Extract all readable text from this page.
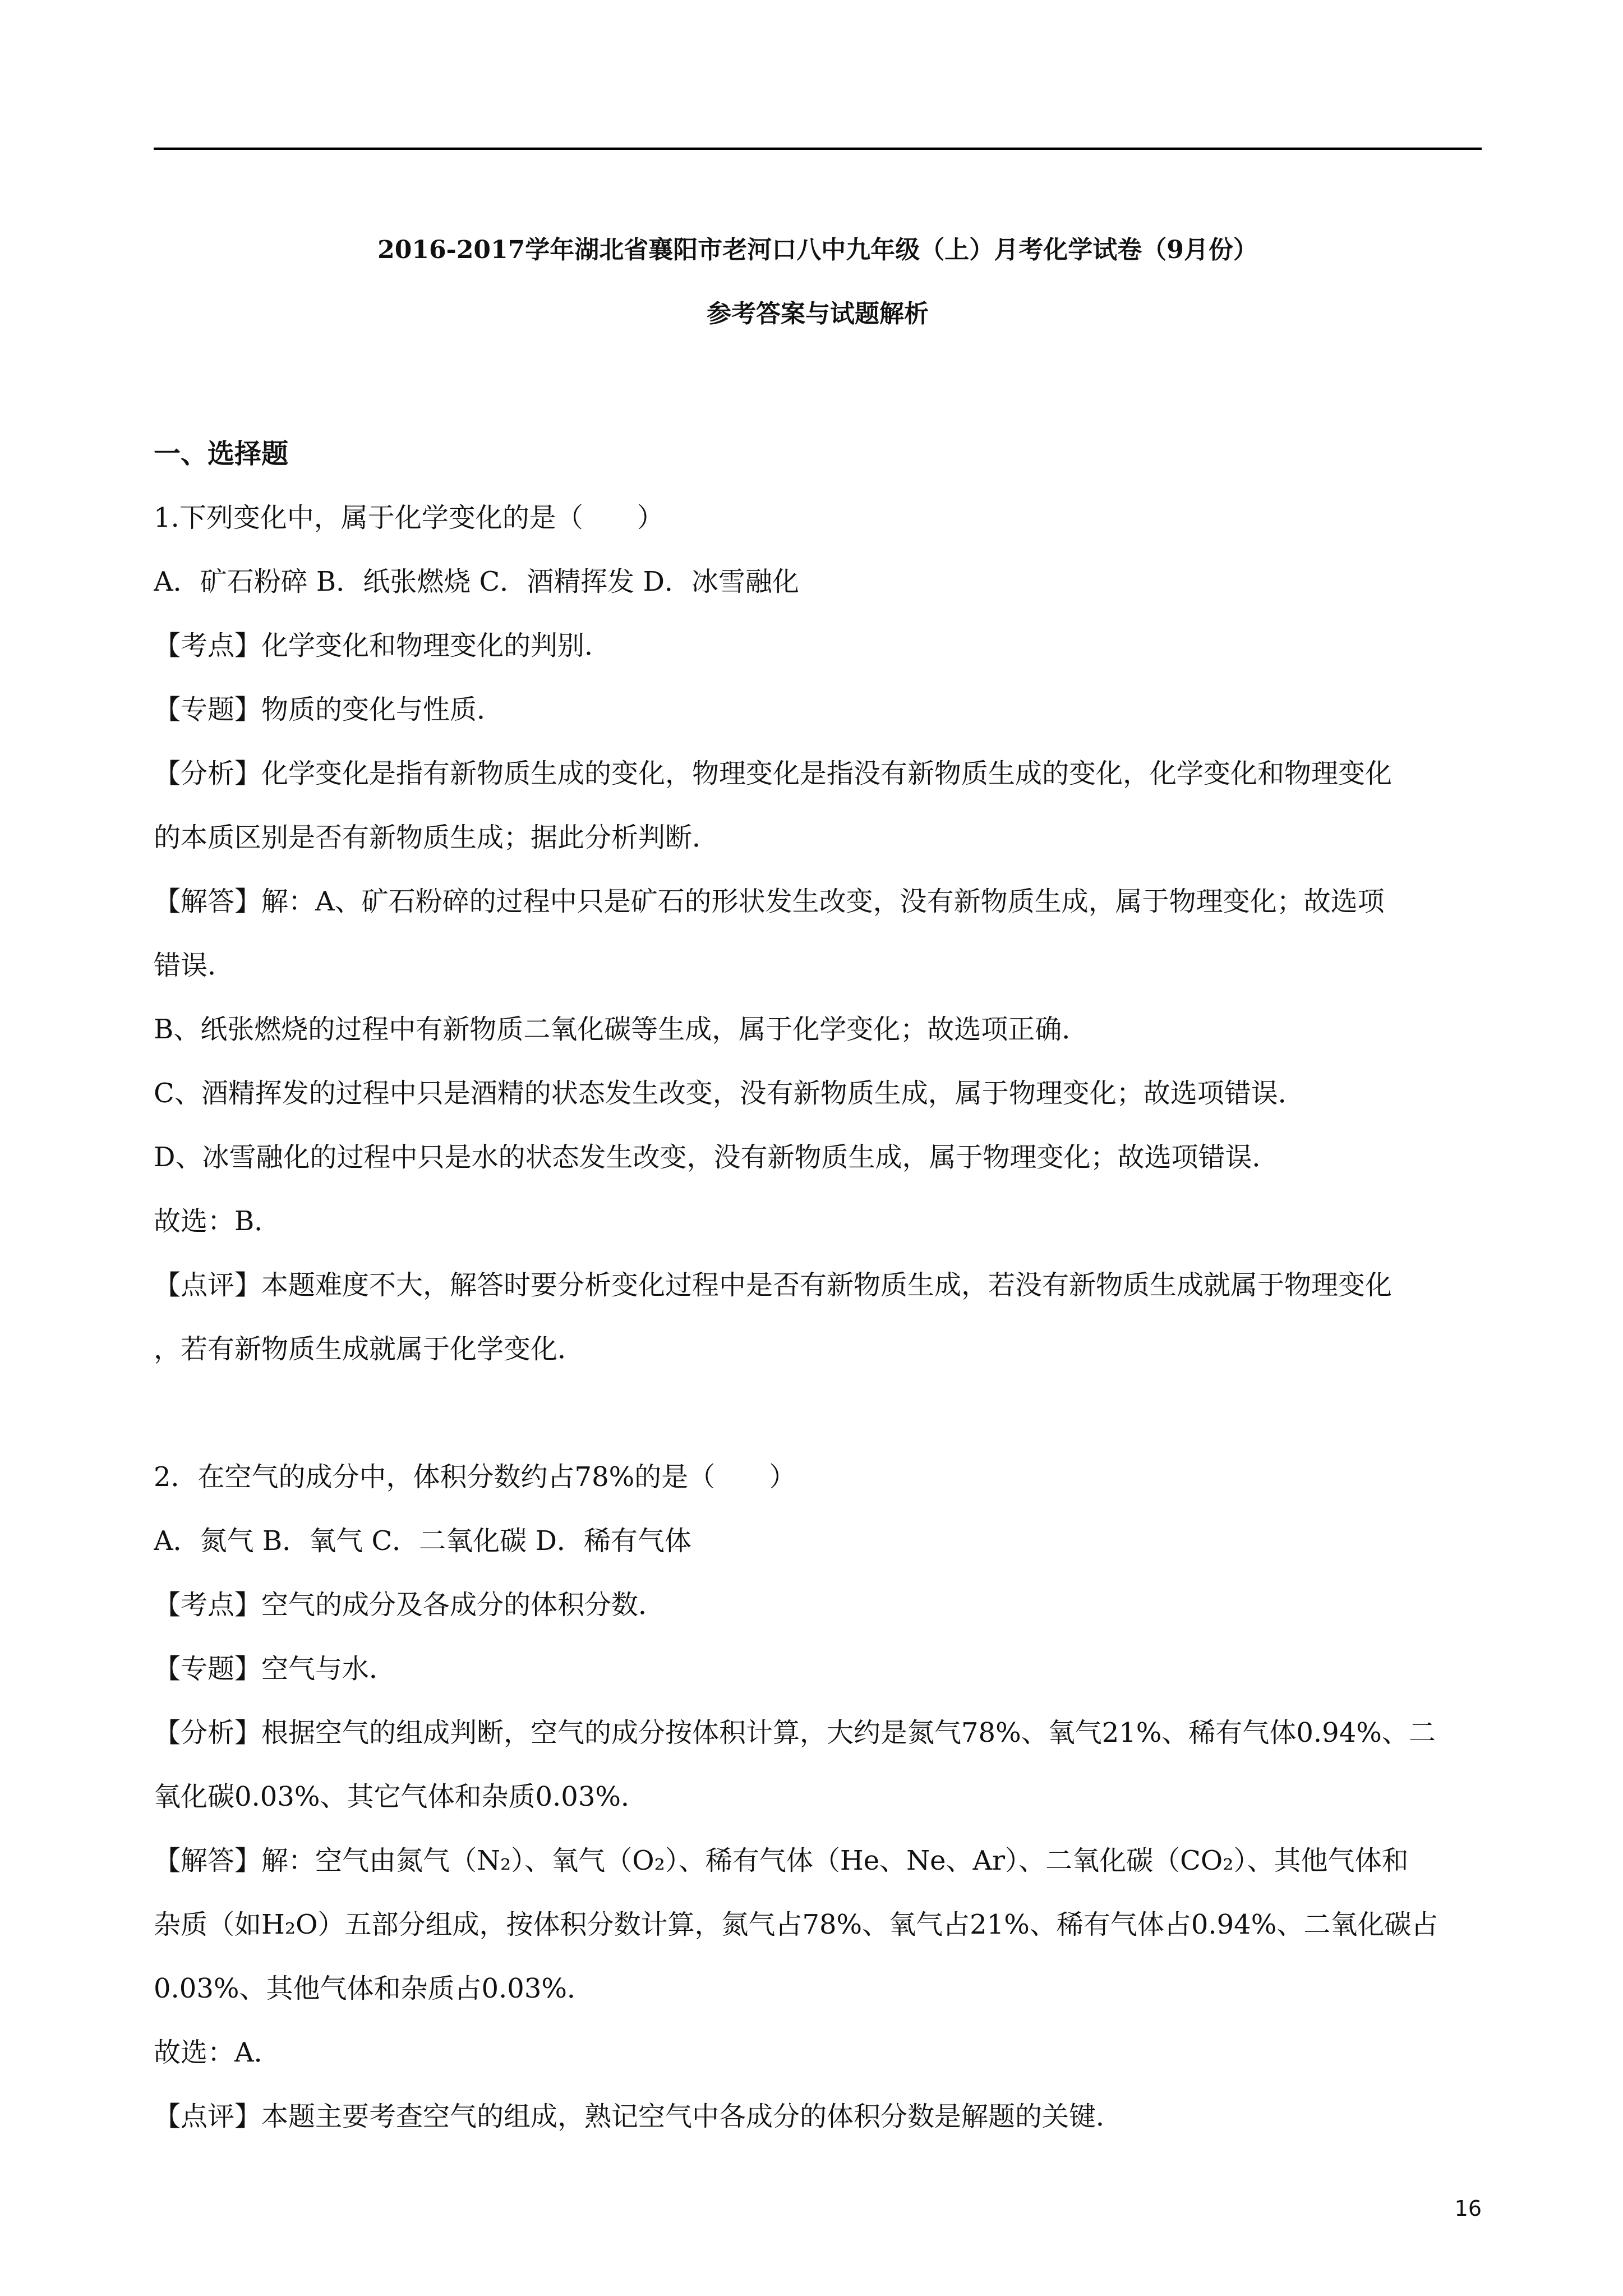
2016-2017学年湖北省襄阳市老河口八中九年级（上）月考化学试卷（9月份）
参考答案与试题解析
一、选择题
1.下列变化中，属于化学变化的是（　　）
A．矿石粉碎 B．纸张燃烧 C．酒精挥发 D．冰雪融化
【考点】化学变化和物理变化的判别．
【专题】物质的变化与性质．
【分析】化学变化是指有新物质生成的变化，物理变化是指没有新物质生成的变化，化学变化和物理变化
的本质区别是否有新物质生成；据此分析判断．
【解答】解：A、矿石粉碎的过程中只是矿石的形状发生改变，没有新物质生成，属于物理变化；故选项
错误．
B、纸张燃烧的过程中有新物质二氧化碳等生成，属于化学变化；故选项正确．
C、酒精挥发的过程中只是酒精的状态发生改变，没有新物质生成，属于物理变化；故选项错误．
D、冰雪融化的过程中只是水的状态发生改变，没有新物质生成，属于物理变化；故选项错误．
故选：B．
【点评】本题难度不大，解答时要分析变化过程中是否有新物质生成，若没有新物质生成就属于物理变化
，若有新物质生成就属于化学变化．
2．在空气的成分中，体积分数约占78%的是（　　）
A．氮气 B．氧气 C．二氧化碳 D．稀有气体
【考点】空气的成分及各成分的体积分数．
【专题】空气与水．
【分析】根据空气的组成判断，空气的成分按体积计算，大约是氮气78%、氧气21%、稀有气体0.94%、二
氧化碳0.03%、其它气体和杂质0.03%．
【解答】解：空气由氮气（N₂）、氧气（O₂）、稀有气体（He、Ne、Ar）、二氧化碳（CO₂）、其他气体和
杂质（如H₂O）五部分组成，按体积分数计算，氮气占78%、氧气占21%、稀有气体占0.94%、二氧化碳占
0.03%、其他气体和杂质占0.03%．
故选：A．
【点评】本题主要考查空气的组成，熟记空气中各成分的体积分数是解题的关键．
16
